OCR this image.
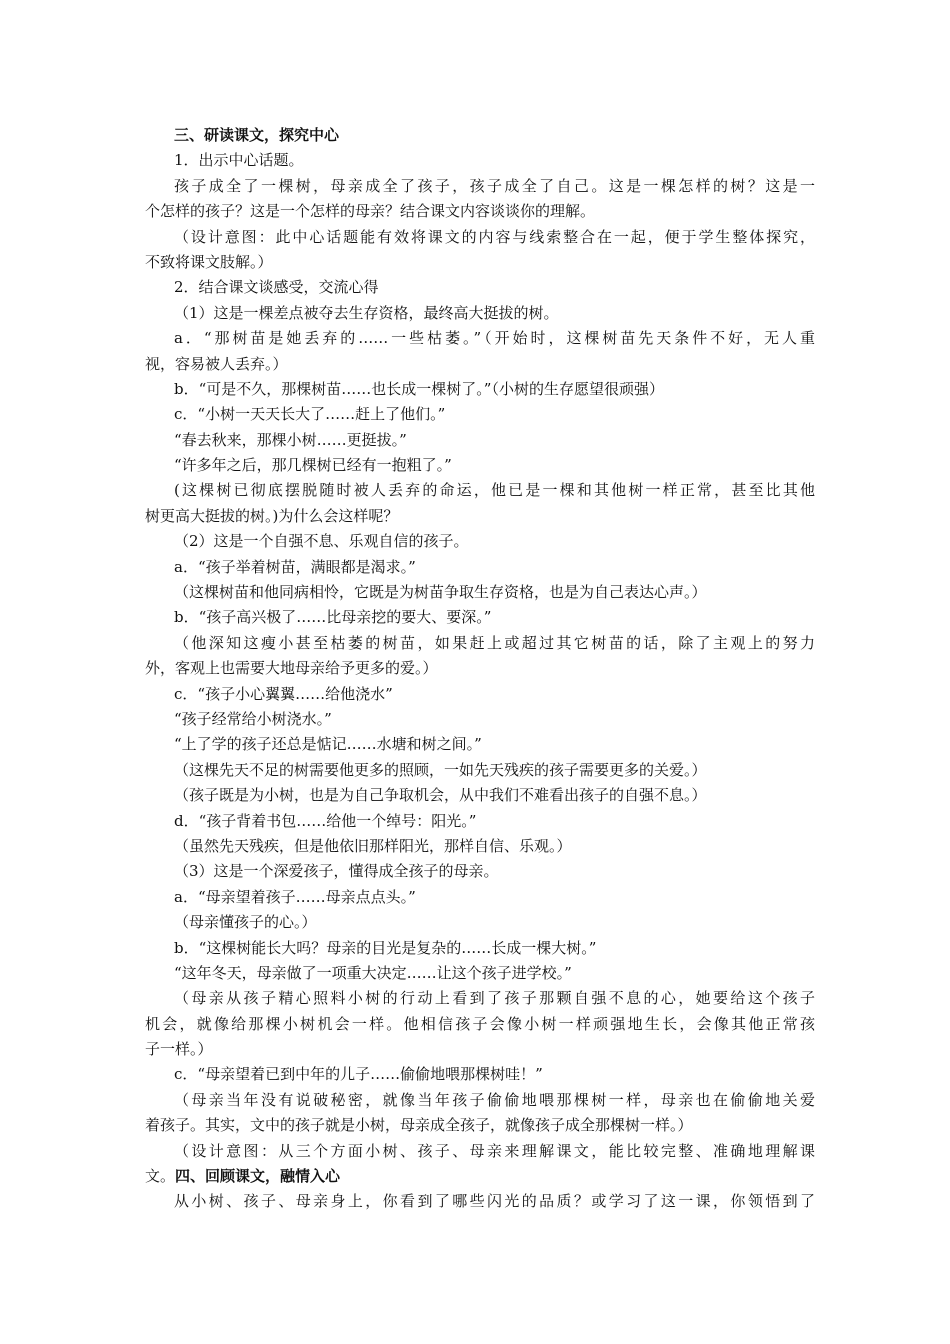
三、研读课文，探究中心
1．出示中心话题。
孩子成全了一棵树，母亲成全了孩子，孩子成全了自己。这是一棵怎样的树？这是一
个怎样的孩子？这是一个怎样的母亲？结合课文内容谈谈你的理解。
（设计意图：此中心话题能有效将课文的内容与线索整合在一起，便于学生整体探究，
不致将课文肢解。）
2．结合课文谈感受，交流心得
（1）这是一棵差点被夺去生存资格，最终高大挺拔的树。
a．“那树苗是她丢弃的……一些枯萎。”（开始时，这棵树苗先天条件不好，无人重
视，容易被人丢弃。）
b．“可是不久，那棵树苗……也长成一棵树了。”（小树的生存愿望很顽强）
c．“小树一天天长大了……赶上了他们。”
“春去秋来，那棵小树……更挺拔。”
“许多年之后，那几棵树已经有一抱粗了。”
(这棵树已彻底摆脱随时被人丢弃的命运，他已是一棵和其他树一样正常，甚至比其他
树更高大挺拔的树。)为什么会这样呢？
（2）这是一个自强不息、乐观自信的孩子。
a．“孩子举着树苗，满眼都是渴求。”
（这棵树苗和他同病相怜，它既是为树苗争取生存资格，也是为自己表达心声。）
b．“孩子高兴极了……比母亲挖的要大、要深。”
（他深知这瘦小甚至枯萎的树苗，如果赶上或超过其它树苗的话，除了主观上的努力
外，客观上也需要大地母亲给予更多的爱。）
c．“孩子小心翼翼……给他浇水”
“孩子经常给小树浇水。”
“上了学的孩子还总是惦记……水塘和树之间。”
（这棵先天不足的树需要他更多的照顾，一如先天残疾的孩子需要更多的关爱。）
（孩子既是为小树，也是为自己争取机会，从中我们不难看出孩子的自强不息。）
d．“孩子背着书包……给他一个绰号：阳光。”
（虽然先天残疾，但是他依旧那样阳光，那样自信、乐观。）
（3）这是一个深爱孩子，懂得成全孩子的母亲。
a．“母亲望着孩子……母亲点点头。”
（母亲懂孩子的心。）
b．“这棵树能长大吗？母亲的目光是复杂的……长成一棵大树。”
“这年冬天，母亲做了一项重大决定……让这个孩子进学校。”
（母亲从孩子精心照料小树的行动上看到了孩子那颗自强不息的心，她要给这个孩子
机会，就像给那棵小树机会一样。他相信孩子会像小树一样顽强地生长，会像其他正常孩
子一样。）
c．“母亲望着已到中年的儿子……偷偷地喂那棵树哇！”
（母亲当年没有说破秘密，就像当年孩子偷偷地喂那棵树一样，母亲也在偷偷地关爱
着孩子。其实，文中的孩子就是小树，母亲成全孩子，就像孩子成全那棵树一样。）
（设计意图：从三个方面小树、孩子、母亲来理解课文，能比较完整、准确地理解课
文。四、回顾课文，融情入心
从小树、孩子、母亲身上，你看到了哪些闪光的品质？或学习了这一课，你领悟到了
